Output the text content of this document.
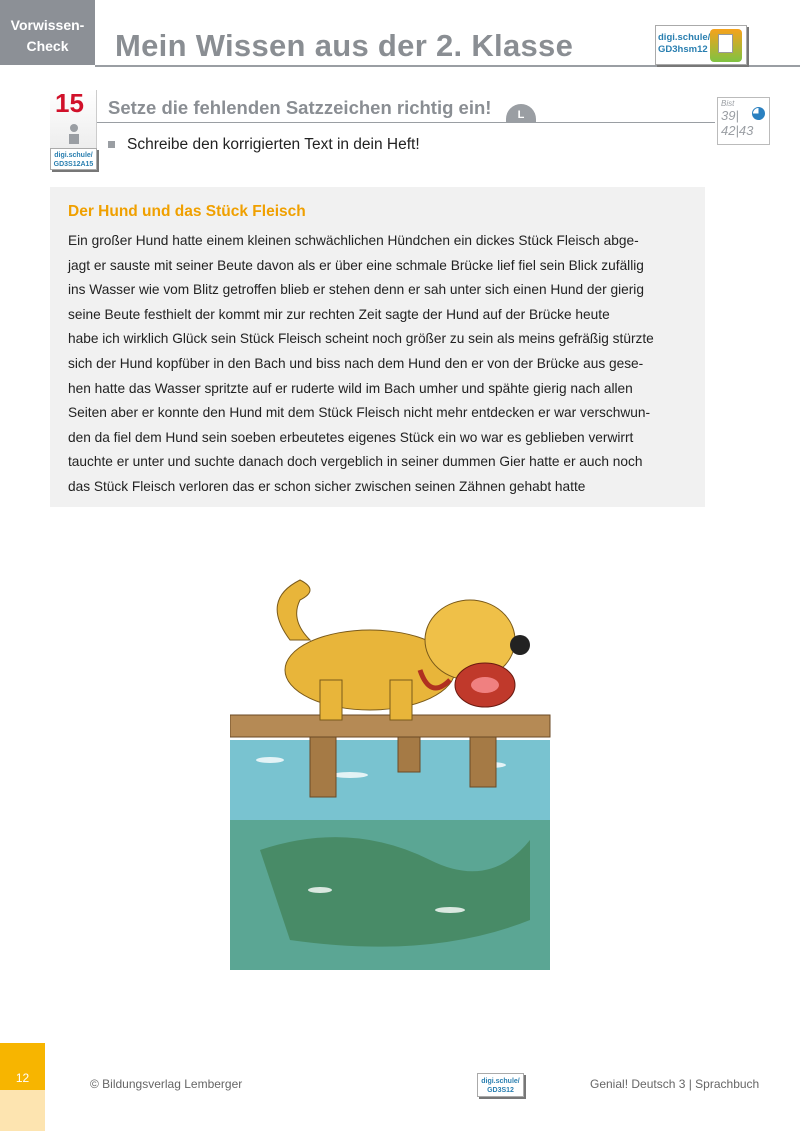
Vorwissen-
Check	Mein Wissen aus der 2. Klasse	digi.schule/
GD3hsm12
15
digi.schule/
GD3S12A15
Setze die fehlenden Satzzeichen richtig ein!	L
Bist
39|
42|43
Schreibe den korrigierten Text in dein Heft!
Der Hund und das Stück Fleisch
Ein großer Hund hatte einem kleinen schwächlichen Hündchen ein dickes Stück Fleisch abge-
jagt er sauste mit seiner Beute davon als er über eine schmale Brücke lief fiel sein Blick zufällig
ins Wasser wie vom Blitz getroffen blieb er stehen denn er sah unter sich einen Hund der gierig
seine Beute festhielt der kommt mir zur rechten Zeit sagte der Hund auf der Brücke heute
habe ich wirklich Glück sein Stück Fleisch scheint noch größer zu sein als meins gefräßig stürzte
sich der Hund kopfüber in den Bach und biss nach dem Hund den er von der Brücke aus gese-
hen hatte das Wasser spritzte auf er ruderte wild im Bach umher und spähte gierig nach allen
Seiten aber er konnte den Hund mit dem Stück Fleisch nicht mehr entdecken er war verschwun-
den da fiel dem Hund sein soeben erbeutetes eigenes Stück ein wo war es geblieben verwirrt
tauchte er unter und suchte danach doch vergeblich in seiner dummen Gier hatte er auch noch
das Stück Fleisch verloren das er schon sicher zwischen seinen Zähnen gehabt hatte
12	© Bildungsverlag Lemberger	digi.schule/
GD3S12	Genial! Deutsch 3 | Sprachbuch
